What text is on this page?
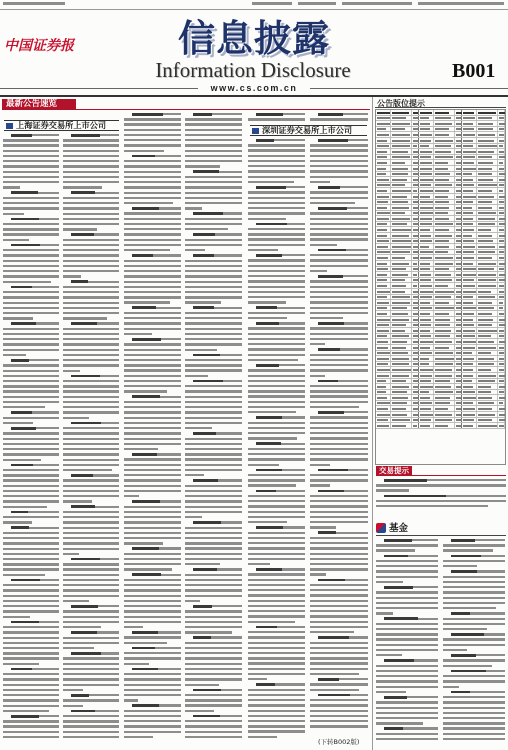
中国证券报	信息披露
Information Disclosure	B001
www.cs.com.cn
最新公告速览	公告版位提示
上海证券交易所上市公司	深圳证券交易所上市公司
(下转B002版)
交易提示
基金
